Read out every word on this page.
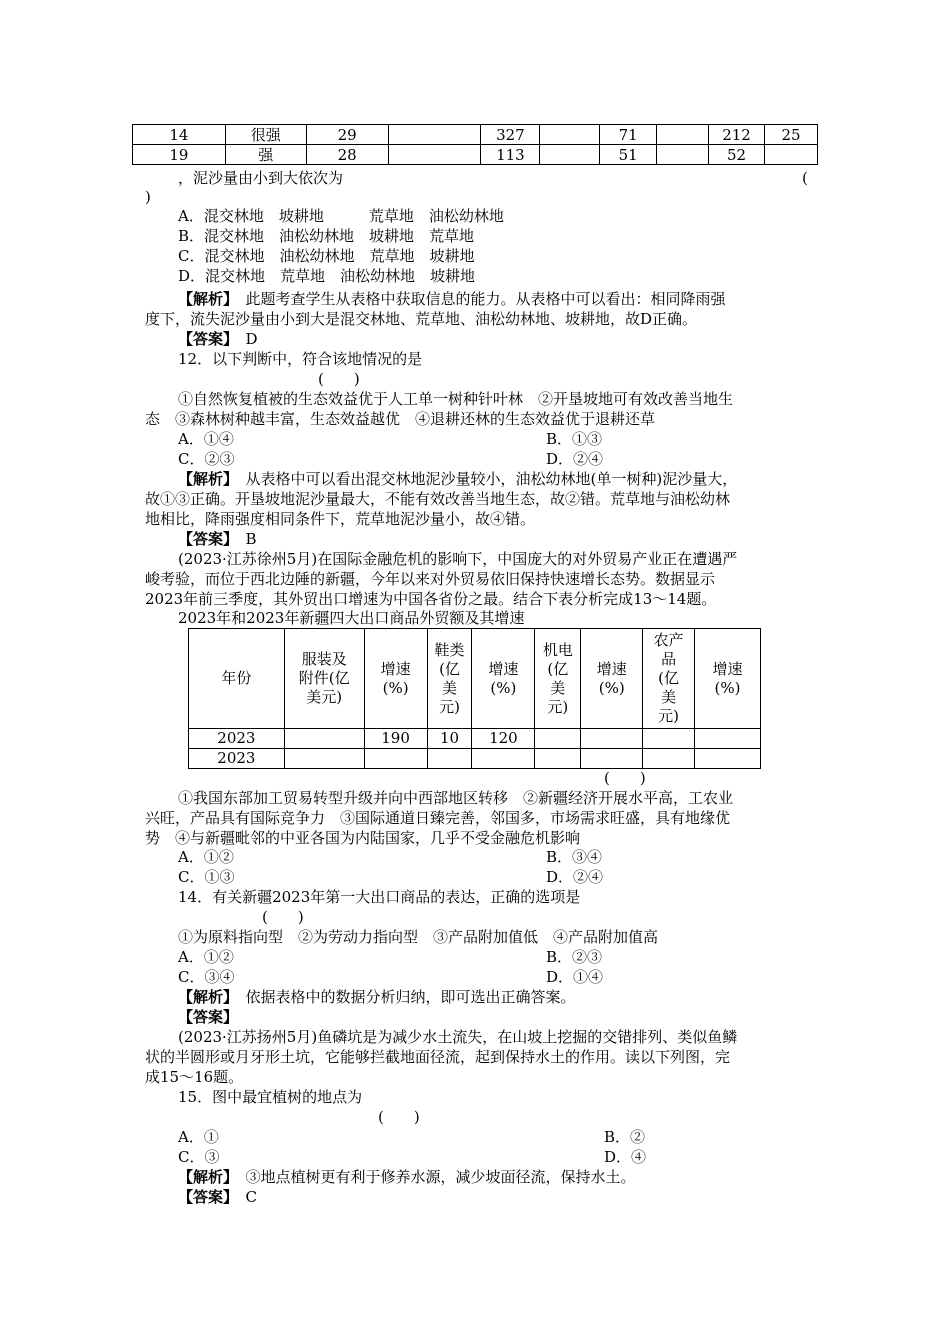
14	很强	29		327		71		212	25
19	强	28		113		51		52	
，泥沙量由小到大依次为	(
)
A．混交林地　坡耕地　　　荒草地　油松幼林地
B．混交林地　油松幼林地　坡耕地　荒草地
C．混交林地　油松幼林地　荒草地　坡耕地
D．混交林地　荒草地　油松幼林地　坡耕地
【解析】　此题考查学生从表格中获取信息的能力。从表格中可以看出：相同降雨强
度下，流失泥沙量由小到大是混交林地、荒草地、油松幼林地、坡耕地，故D正确。
【答案】　D
12．以下判断中，符合该地情况的是
(　　)
①自然恢复植被的生态效益优于人工单一树种针叶林　②开垦坡地可有效改善当地生
态　③森林树种越丰富，生态效益越优　④退耕还林的生态效益优于退耕还草
A．①④	B．①③
C．②③	D．②④
【解析】　从表格中可以看出混交林地泥沙量较小，油松幼林地(单一树种)泥沙量大，
故①③正确。开垦坡地泥沙量最大，不能有效改善当地生态，故②错。荒草地与油松幼林
地相比，降雨强度相同条件下，荒草地泥沙量小，故④错。
【答案】　B
(2023·江苏徐州5月)在国际金融危机的影响下，中国庞大的对外贸易产业正在遭遇严
峻考验，而位于西北边陲的新疆，今年以来对外贸易依旧保持快速增长态势。数据显示
2023年前三季度，其外贸出口增速为中国各省份之最。结合下表分析完成13～14题。
2023年和2023年新疆四大出口商品外贸额及其增速
年份	服装及附件(亿美元)	增速(%)	鞋类(亿美元)	增速(%)	机电(亿美元)	增速(%)	农产品(亿美元)	增速(%)

2023		190	10	120				
2023								
(　　)
①我国东部加工贸易转型升级并向中西部地区转移　②新疆经济开展水平高，工农业
兴旺，产品具有国际竞争力　③国际通道日臻完善，邻国多，市场需求旺盛，具有地缘优
势　④与新疆毗邻的中亚各国为内陆国家，几乎不受金融危机影响
A．①②	B．③④
C．①③	D．②④
14．有关新疆2023年第一大出口商品的表达，正确的选项是
(　　)
①为原料指向型　②为劳动力指向型　③产品附加值低　④产品附加值高
A．①②	B．②③
C．③④	D．①④
【解析】　依据表格中的数据分析归纳，即可选出正确答案。
【答案】
(2023·江苏扬州5月)鱼磷坑是为减少水土流失，在山坡上挖掘的交错排列、类似鱼鳞
状的半圆形或月牙形土坑，它能够拦截地面径流，起到保持水土的作用。读以下列图，完
成15～16题。
15．图中最宜植树的地点为
(　　)
A．①	B．②
C．③	D．④
【解析】　③地点植树更有利于修养水源，减少坡面径流，保持水土。
【答案】　C
